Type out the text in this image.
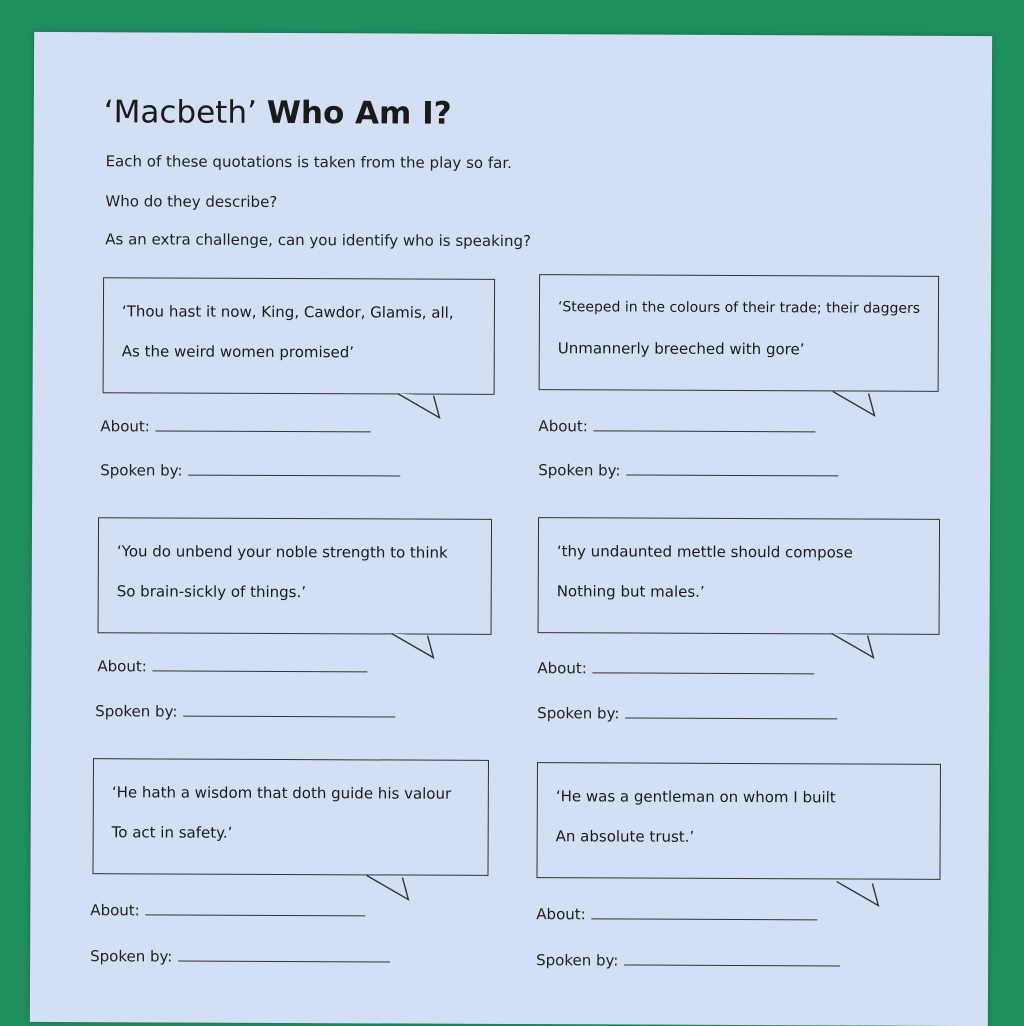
‘Macbeth’ Who Am I?
Each of these quotations is taken from the play so far.
Who do they describe?
As an extra challenge, can you identify who is speaking?
‘Thou hast it now, King, Cawdor, Glamis, all,
As the weird women promised’
About:
Spoken by:
‘Steeped in the colours of their trade; their daggers
Unmannerly breeched with gore’
About:
Spoken by:
‘You do unbend your noble strength to think
So brain-sickly of things.’
About:
Spoken by:
‘thy undaunted mettle should compose
Nothing but males.’
About:
Spoken by:
‘He hath a wisdom that doth guide his valour
To act in safety.’
About:
Spoken by:
‘He was a gentleman on whom I built
An absolute trust.’
About:
Spoken by:
